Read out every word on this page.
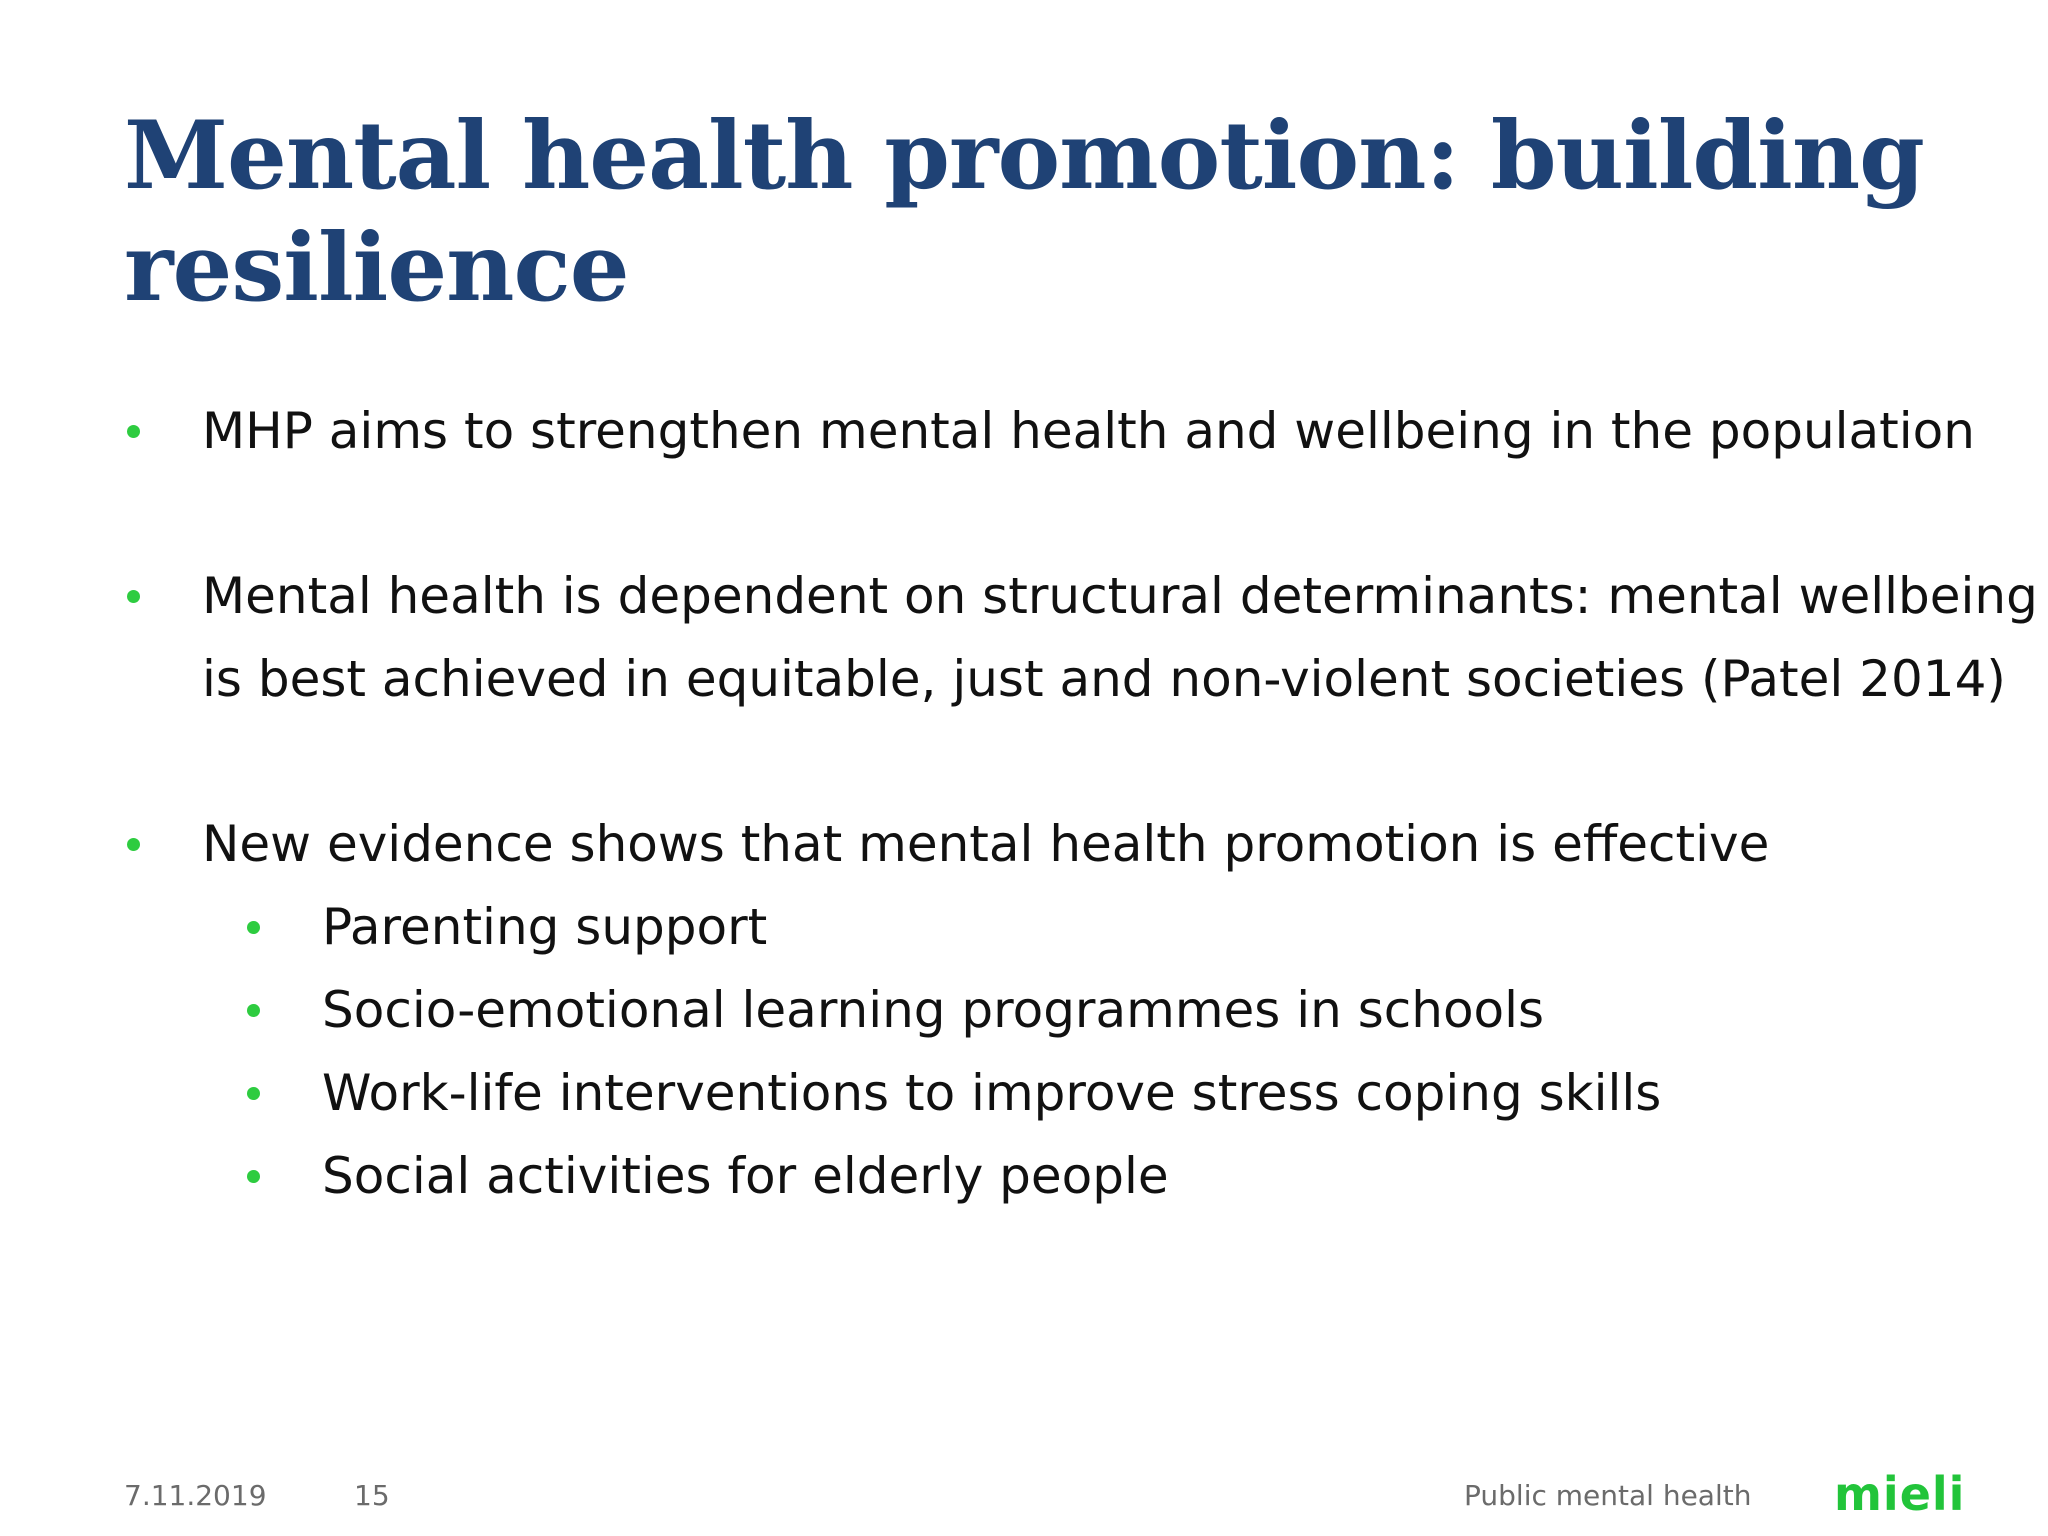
Mental health promotion: building resilience
MHP aims to strengthen mental health and wellbeing in the population
Mental health is dependent on structural determinants: mental wellbeing
is best achieved in equitable, just and non-violent societies (Patel 2014)
New evidence shows that mental health promotion is effective
Parenting support
Socio-emotional learning programmes in schools
Work-life interventions to improve stress coping skills
Social activities for elderly people
7.11.2019	15	Public mental health mieli
